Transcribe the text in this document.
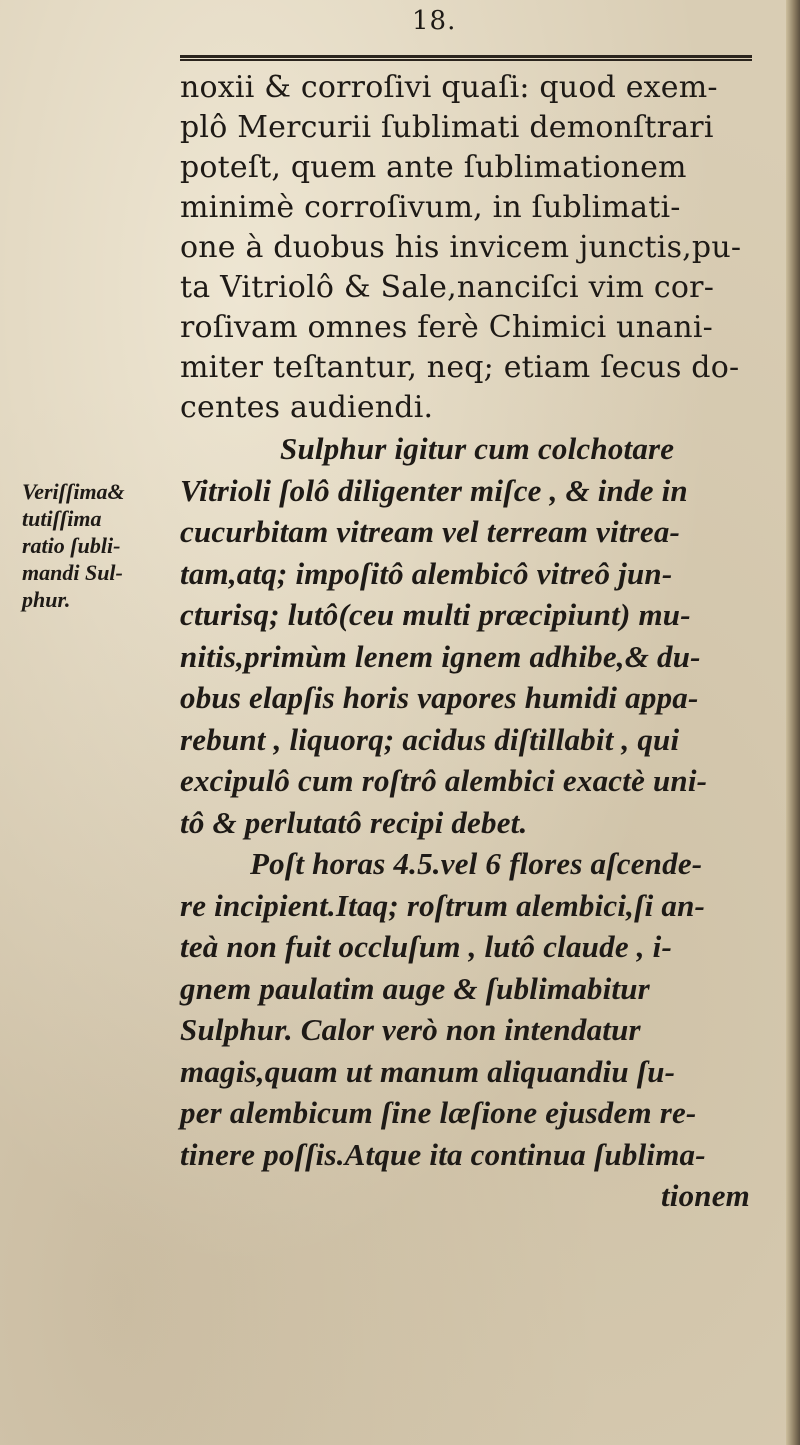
18.
Veriſſima&
tutiſſima
ratio ſubli-
mandi Sul-
phur.

noxii & corroſivi quaſi: quod exem-

plô Mercurii ſublimati demonſtrari

poteſt, quem ante ſublimationem

minimè corroſivum, in ſublimati-

one à duobus his invicem junctis,pu-

ta Vitriolô & Sale,nanciſci vim cor-

roſivam omnes ferè Chimici unani-

miter teſtantur, neq; etiam ſecus do-

centes audiendi.

Sulphur igitur cum colchotare

Vitrioli ſolô diligenter miſce , & inde in

cucurbitam vitream vel terream vitrea-

tam,atq; impoſitô alembicô vitreô jun-

cturisq; lutô(ceu multi præcipiunt) mu-

nitis,primùm lenem ignem adhibe,& du-

obus elapſis horis vapores humidi appa-

rebunt , liquorq; acidus diſtillabit , qui

excipulô cum roſtrô alembici exactè uni-

tô & perlutatô recipi debet.

Poſt horas 4.5.vel 6 flores aſcende-

re incipient.Itaq; roſtrum alembici,ſi an-

teà non fuit occluſum , lutô claude , i-

gnem paulatim auge & ſublimabitur

Sulphur. Calor verò non intendatur

magis,quam ut manum aliquandiu ſu-

per alembicum ſine læſione ejusdem re-

tinere poſſis.Atque ita continua ſublima-

tionem
